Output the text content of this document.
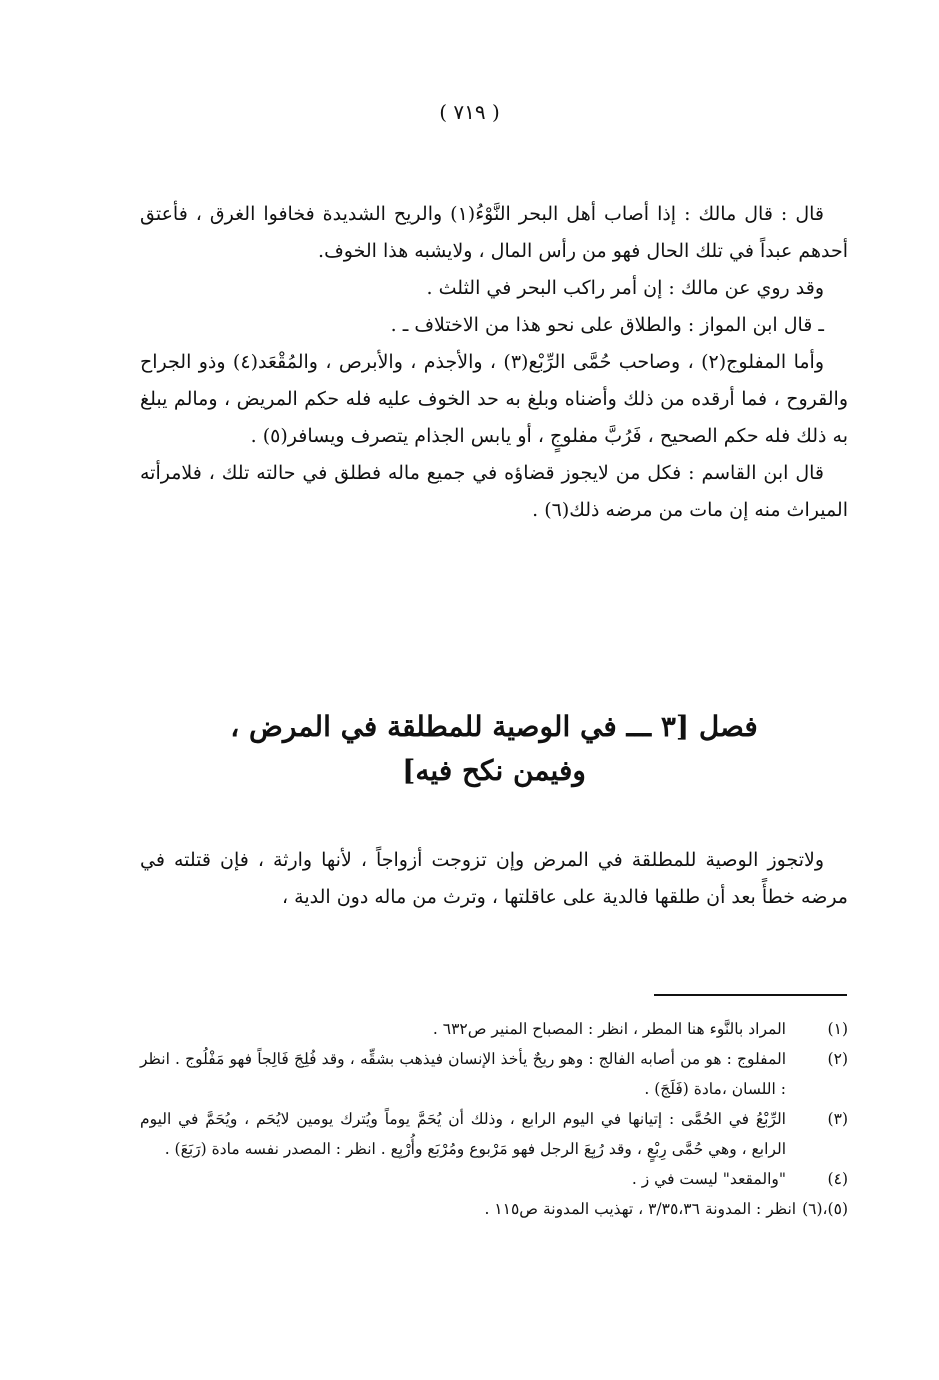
( ٧١٩ )

قال : قال مالك : إذا أصاب أهل البحر النَّوْءُ(١) والريح الشديدة فخافوا الغرق ، فأعتق أحدهم عبداً في تلك الحال فهو من رأس المال ، ولايشبه هذا الخوف.

وقد روي عن مالك : إن أمر راكب البحر في الثلث .

ـ قال ابن المواز : والطلاق على نحو هذا من الاختلاف ـ .

وأما المفلوج(٢) ، وصاحب حُمَّى الرِّبْع(٣) ، والأجذم ، والأبرص ، والمُقْعَد(٤) وذو الجراح والقروح ، فما أرقده من ذلك وأضناه وبلغ به حد الخوف عليه فله حكم المريض ، ومالم يبلغ به ذلك فله حكم الصحيح ، فَرُبَّ مفلوجٍ ، أو يابس الجذام يتصرف ويسافر(٥) .

قال ابن القاسم : فكل من لايجوز قضاؤه في جميع ماله فطلق في حالته تلك ، فلامرأته الميراث منه إن مات من مرضه ذلك(٦) .

فصل [٣ ـــ في الوصية للمطلقة في المرض ،
وفيمن نكح فيه]

ولاتجوز الوصية للمطلقة في المرض وإن تزوجت أزواجاً ، لأنها وارثة ، فإن قتلته في مرضه خطأً بعد أن طلقها فالدية على عاقلتها ، وترث من ماله دون الدية ،

(١)
المراد بالنَّوء هنا المطر ، انظر : المصباح المنير ص٦٣٢ .
(٢)
المفلوج : هو من أصابه الفالج : وهو ريحٌ يأخذ الإنسان فيذهب بشقِّه ، وقد فُلِجَ فَالِجاً فهو مَفْلُوج . انظر : اللسان ،مادة (فَلَجَ) .
(٣)
الرِّبْعُ في الحُمَّى : إتيانها في اليوم الرابع ، وذلك أن يُحَمَّ يوماً ويُترك يومين لايُحَم ، ويُحَمَّ في اليوم الرابع ، وهي حُمَّى رِبْعٍ ، وقد رُبِعَ الرجل فهو مَرْبوع ومُرْبَع وأُرْبِع . انظر : المصدر نفسه مادة (رَبَعَ) .
(٤)
"والمقعد" ليست في ز .
(٥)،(٦)
انظر : المدونة ٣/٣٥،٣٦ ، تهذيب المدونة ص١١٥ .
